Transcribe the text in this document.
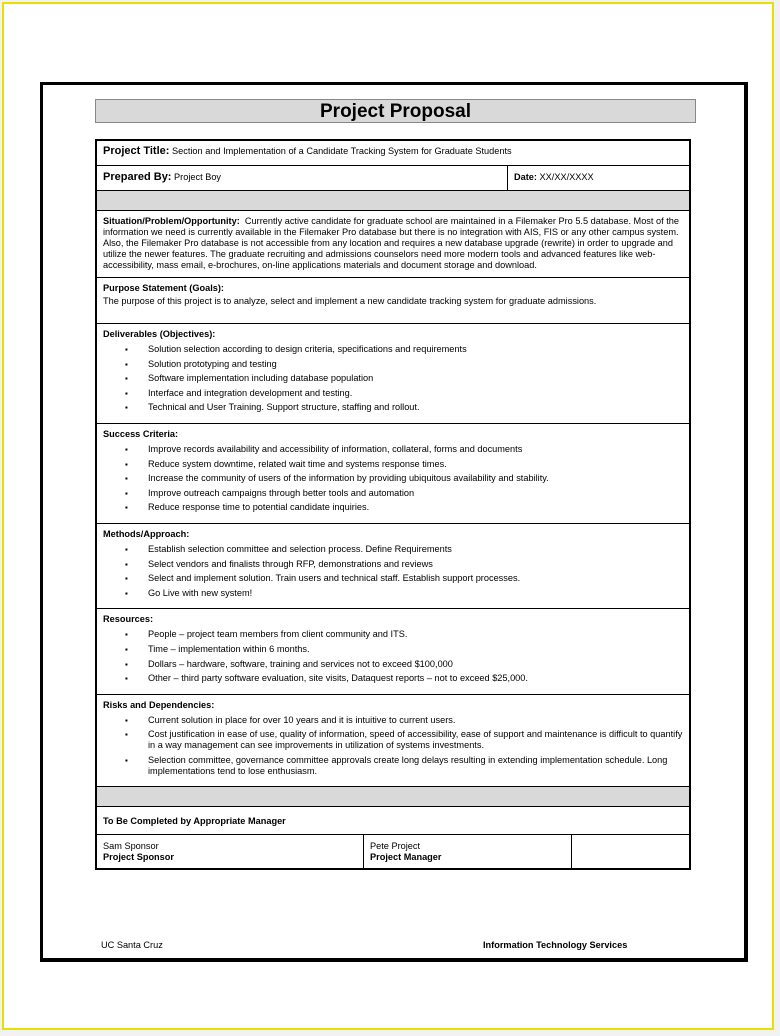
Project Proposal
Project Title: Section and Implementation of a Candidate Tracking System for Graduate Students
Prepared By: Project Boy	Date: XX/XX/XXXX
Situation/Problem/Opportunity: Currently active candidate for graduate school are maintained in a Filemaker Pro 5.5 database. Most of the information we need is currently available in the Filemaker Pro database but there is no integration with AIS, FIS or any other campus system. Also, the Filemaker Pro database is not accessible from any location and requires a new database upgrade (rewrite) in order to upgrade and utilize the newer features. The graduate recruiting and admissions counselors need more modern tools and advanced features like web-accessibility, mass email, e-brochures, on-line applications materials and document storage and download.
Purpose Statement (Goals):
The purpose of this project is to analyze, select and implement a new candidate tracking system for graduate admissions.
Deliverables (Objectives):
▪ Solution selection according to design criteria, specifications and requirements
▪ Solution prototyping and testing
▪ Software implementation including database population
▪ Interface and integration development and testing.
▪ Technical and User Training. Support structure, staffing and rollout.
Success Criteria:
▪ Improve records availability and accessibility of information, collateral, forms and documents
▪ Reduce system downtime, related wait time and systems response times.
▪ Increase the community of users of the information by providing ubiquitous availability and stability.
▪ Improve outreach campaigns through better tools and automation
▪ Reduce response time to potential candidate inquiries.
Methods/Approach:
▪ Establish selection committee and selection process. Define Requirements
▪ Select vendors and finalists through RFP, demonstrations and reviews
▪ Select and implement solution. Train users and technical staff. Establish support processes.
▪ Go Live with new system!
Resources:
▪ People – project team members from client community and ITS.
▪ Time – implementation within 6 months.
▪ Dollars – hardware, software, training and services not to exceed $100,000
▪ Other – third party software evaluation, site visits, Dataquest reports – not to exceed $25,000.
Risks and Dependencies:
▪ Current solution in place for over 10 years and it is intuitive to current users.
▪ Cost justification in ease of use, quality of information, speed of accessibility, ease of support and maintenance is difficult to quantify in a way management can see improvements in utilization of systems investments.
▪ Selection committee, governance committee approvals create long delays resulting in extending implementation schedule. Long implementations tend to lose enthusiasm.
To Be Completed by Appropriate Manager
Sam Sponsor
Project Sponsor
Pete Project
Project Manager
UC Santa Cruz	Information Technology Services
